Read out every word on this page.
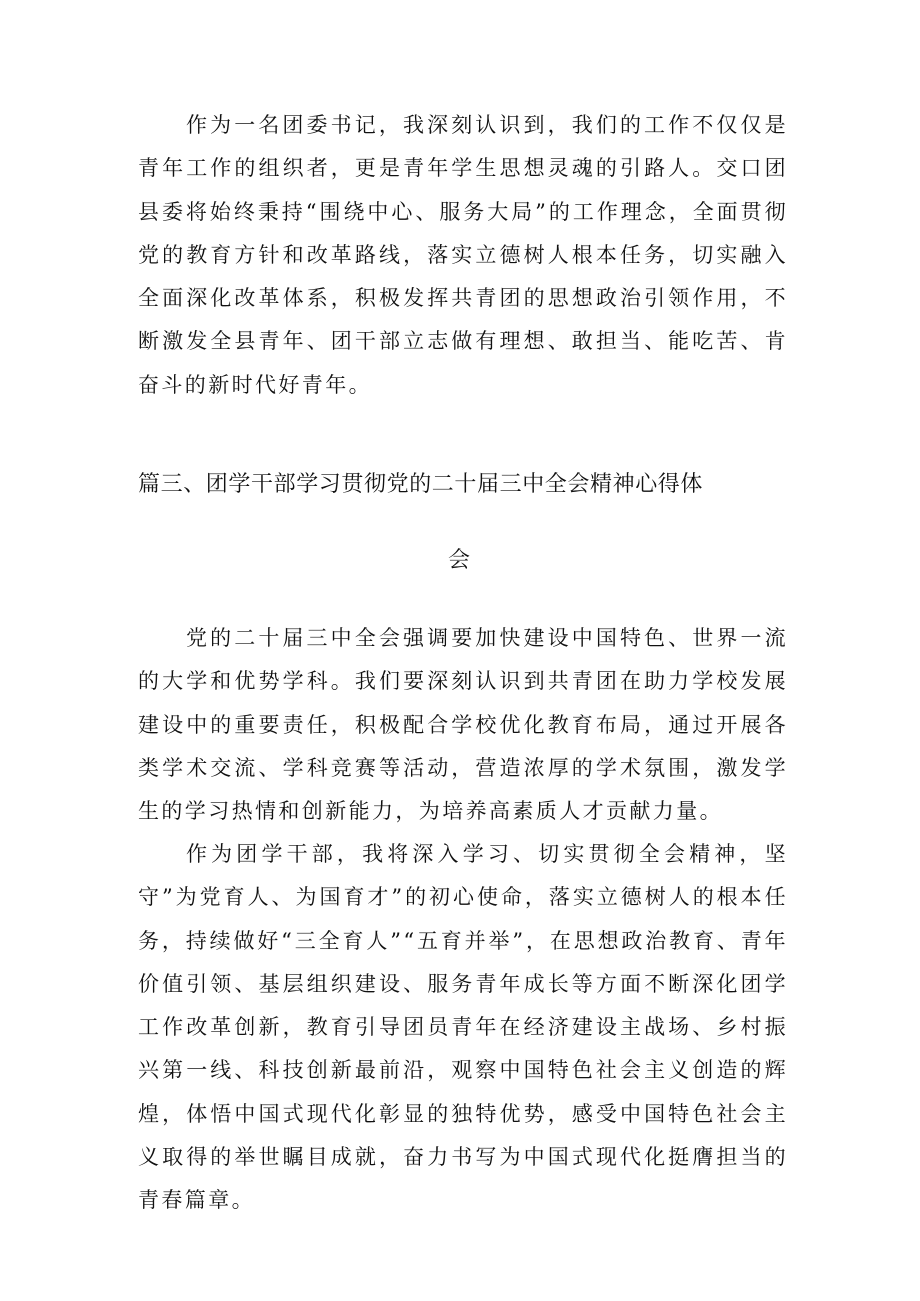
作为一名团委书记，我深刻认识到，我们的工作不仅仅是青年工作的组织者，更是青年学生思想灵魂的引路人。交口团县委将始终秉持“围绕中心、服务大局”的工作理念，全面贯彻党的教育方针和改革路线，落实立德树人根本任务，切实融入全面深化改革体系，积极发挥共青团的思想政治引领作用，不断激发全县青年、团干部立志做有理想、敢担当、能吃苦、肯奋斗的新时代好青年。

篇三、团学干部学习贯彻党的二十届三中全会精神心得体
会

党的二十届三中全会强调要加快建设中国特色、世界一流的大学和优势学科。我们要深刻认识到共青团在助力学校发展建设中的重要责任，积极配合学校优化教育布局，通过开展各类学术交流、学科竞赛等活动，营造浓厚的学术氛围，激发学生的学习热情和创新能力，为培养高素质人才贡献力量。

作为团学干部，我将深入学习、切实贯彻全会精神，坚守”为党育人、为国育才”的初心使命，落实立德树人的根本任务，持续做好“三全育人”“五育并举”，在思想政治教育、青年价值引领、基层组织建设、服务青年成长等方面不断深化团学工作改革创新，教育引导团员青年在经济建设主战场、乡村振兴第一线、科技创新最前沿，观察中国特色社会主义创造的辉煌，体悟中国式现代化彰显的独特优势，感受中国特色社会主义取得的举世瞩目成就，奋力书写为中国式现代化挺膺担当的青春篇章。
